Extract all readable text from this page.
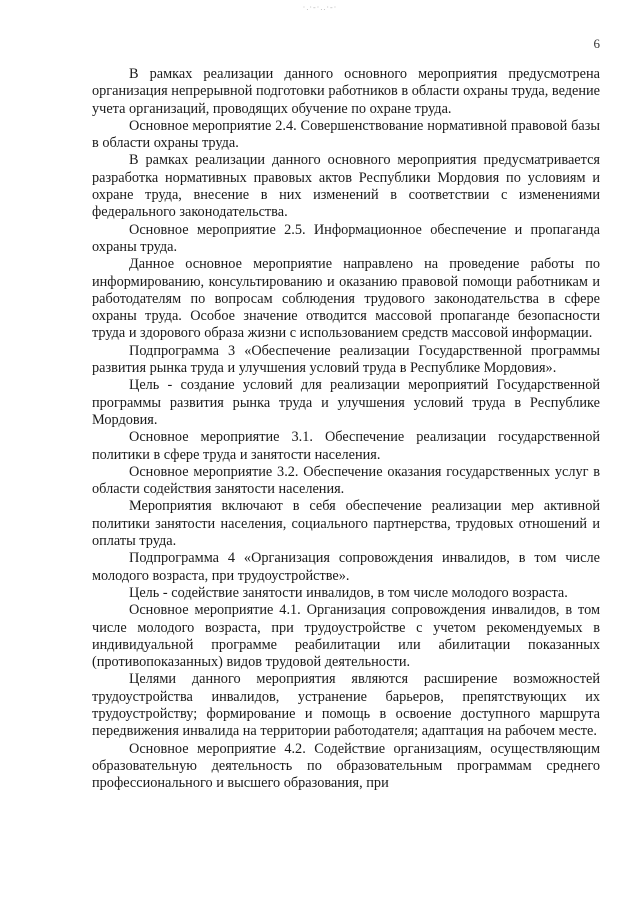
·.·-·..·-·
6

В рамках реализации данного основного мероприятия предусмотрена организация непрерывной подготовки работников в области охраны труда, ведение учета организаций, проводящих обучение по охране труда.

Основное мероприятие 2.4. Совершенствование нормативной правовой базы в области охраны труда.

В рамках реализации данного основного мероприятия предусматривается разработка нормативных правовых актов Республики Мордовия по условиям и охране труда, внесение в них изменений в соответствии с изменениями федерального законодательства.

Основное мероприятие 2.5. Информационное обеспечение и пропаганда охраны труда.

Данное основное мероприятие направлено на проведение работы по информированию, консультированию и оказанию правовой помощи работникам и работодателям по вопросам соблюдения трудового законодательства в сфере охраны труда. Особое значение отводится массовой пропаганде безопасности труда и здорового образа жизни с использованием средств массовой информации.

Подпрограмма 3 «Обеспечение реализации Государственной программы развития рынка труда и улучшения условий труда в Республике Мордовия».

Цель - создание условий для реализации мероприятий Государственной программы развития рынка труда и улучшения условий труда в Республике Мордовия.

Основное мероприятие 3.1. Обеспечение реализации государственной политики в сфере труда и занятости населения.

Основное мероприятие 3.2. Обеспечение оказания государственных услуг в области содействия занятости населения.

Мероприятия включают в себя обеспечение реализации мер активной политики занятости населения, социального партнерства, трудовых отношений и оплаты труда.

Подпрограмма 4 «Организация сопровождения инвалидов, в том числе молодого возраста, при трудоустройстве».

Цель - содействие занятости инвалидов, в том числе молодого возраста.

Основное мероприятие 4.1. Организация сопровождения инвалидов, в том числе молодого возраста, при трудоустройстве с учетом рекомендуемых в индивидуальной программе реабилитации или абилитации показанных (противопоказанных) видов трудовой деятельности.

Целями данного мероприятия являются расширение возможностей трудоустройства инвалидов, устранение барьеров, препятствующих их трудоустройству; формирование и помощь в освоение доступного маршрута передвижения инвалида на территории работодателя; адаптация на рабочем месте.

Основное мероприятие 4.2. Содействие организациям, осуществляющим образовательную деятельность по образовательным программам среднего профессионального и высшего образования, при
